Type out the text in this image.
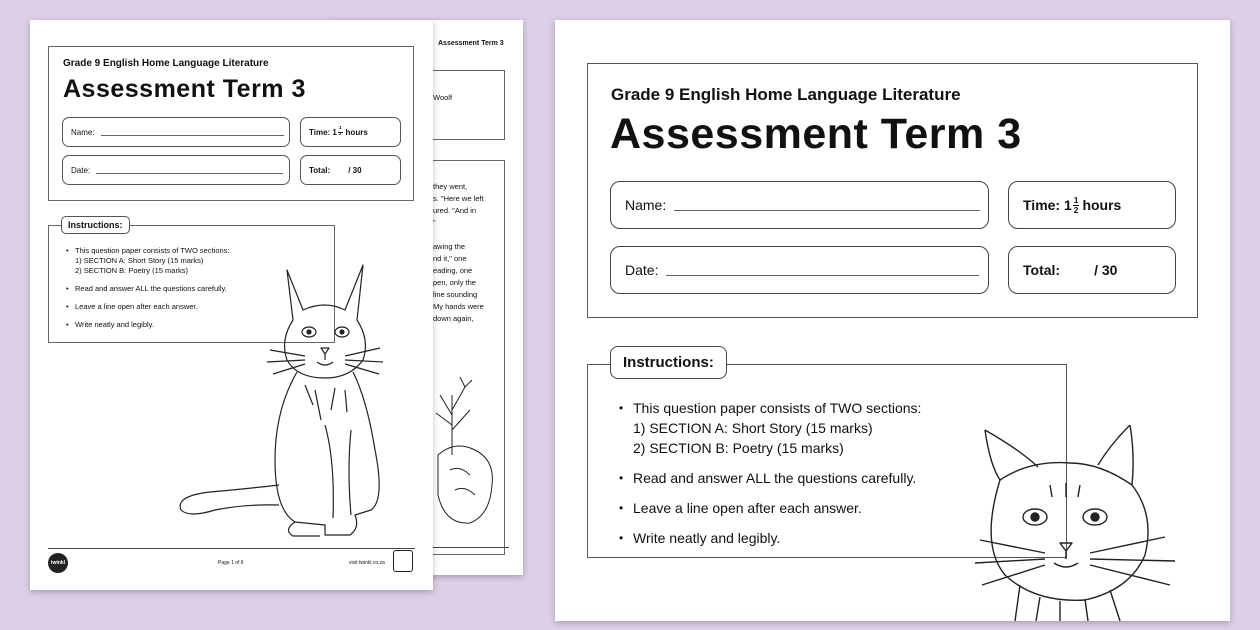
Assessment Term 3
Woolf
they went,
s. "Here we left
ured. "And in
"

awing the
nd it," one
eading, one
pen, only the
line sounding
My hands were
down again,
Grade 9 English Home Language Literature
Assessment Term 3
Name:	Time: $1 \frac{1}{2}$ hours
Date:	Total: / 30
Instructions:
• This question paper consists of TWO sections:
1) SECTION A: Short Story (15 marks)
2) SECTION B: Poetry (15 marks)
• Read and answer ALL the questions carefully.
• Leave a line open after each answer.
• Write neatly and legibly.
twinkl	Page 1 of 6	visit twinkl.co.za
Grade 9 English Home Language Literature
Assessment Term 3
Name:	Time: $1 \frac{1}{2}$ hours
Date:	Total: / 30
Instructions:
• This question paper consists of TWO sections:
1) SECTION A: Short Story (15 marks)
2) SECTION B: Poetry (15 marks)
• Read and answer ALL the questions carefully.
• Leave a line open after each answer.
• Write neatly and legibly.
